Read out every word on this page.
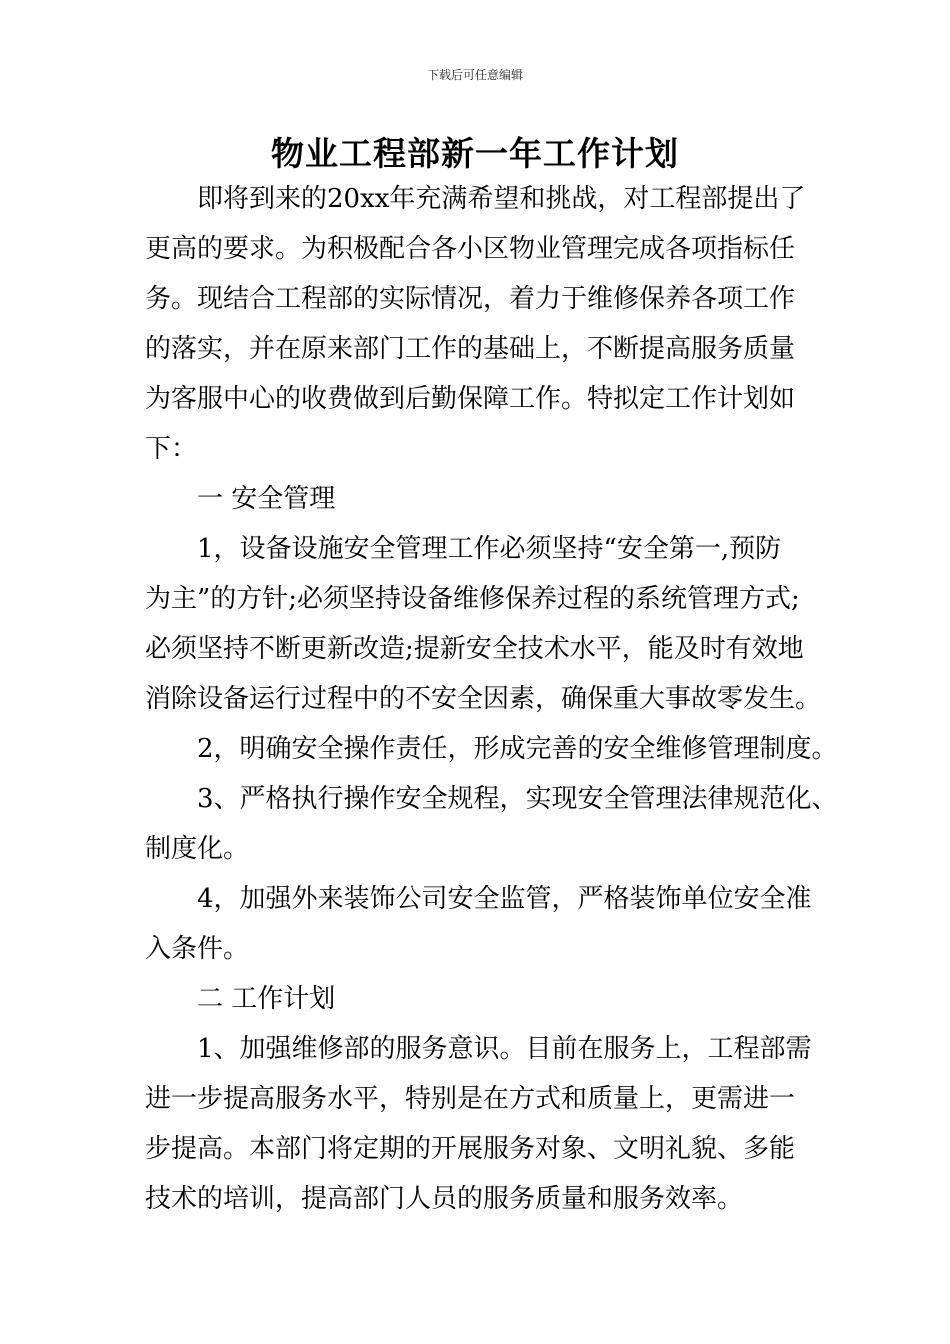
下载后可任意编辑
物业工程部新一年工作计划
即将到来的20xx年充满希望和挑战，对工程部提出了
更高的要求。为积极配合各小区物业管理完成各项指标任
务。现结合工程部的实际情况，着力于维修保养各项工作
的落实，并在原来部门工作的基础上，不断提高服务质量
为客服中心的收费做到后勤保障工作。特拟定工作计划如
下：
一 安全管理
1，设备设施安全管理工作必须坚持“安全第一,预防
为主”的方针;必须坚持设备维修保养过程的系统管理方式;
必须坚持不断更新改造;提新安全技术水平，能及时有效地
消除设备运行过程中的不安全因素，确保重大事故零发生。
2，明确安全操作责任，形成完善的安全维修管理制度。
3、严格执行操作安全规程，实现安全管理法律规范化、
制度化。
4，加强外来装饰公司安全监管，严格装饰单位安全准
入条件。
二 工作计划
1、加强维修部的服务意识。目前在服务上，工程部需
进一步提高服务水平，特别是在方式和质量上，更需进一
步提高。本部门将定期的开展服务对象、文明礼貌、多能
技术的培训，提高部门人员的服务质量和服务效率。
